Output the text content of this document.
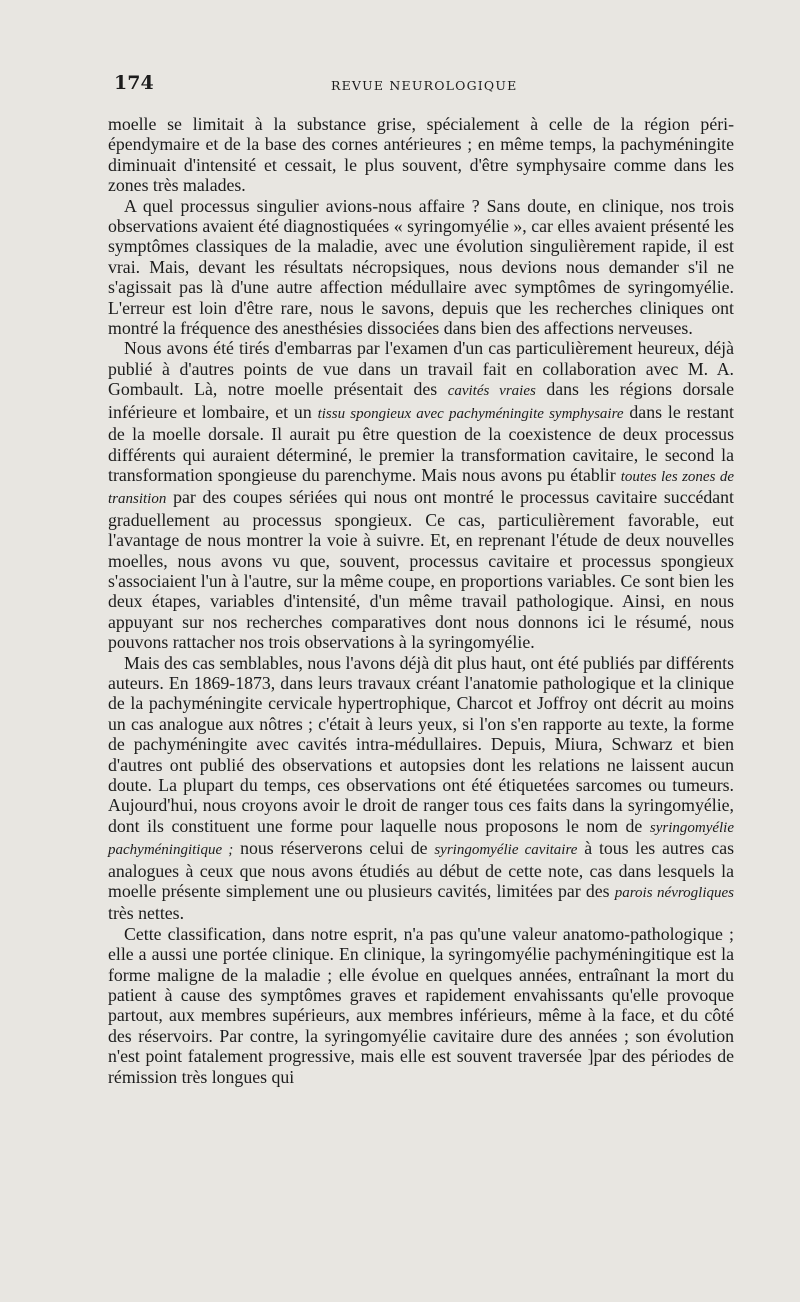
174	REVUE NEUROLOGIQUE

moelle se limitait à la substance grise, spécialement à celle de la région péri-épendymaire et de la base des cornes antérieures ; en même temps, la pachyméningite diminuait d'intensité et cessait, le plus souvent, d'être symphysaire comme dans les zones très malades.

A quel processus singulier avions-nous affaire ? Sans doute, en clinique, nos trois observations avaient été diagnostiquées « syringomyélie », car elles avaient présenté les symptômes classiques de la maladie, avec une évolution singulièrement rapide, il est vrai. Mais, devant les résultats nécropsiques, nous devions nous demander s'il ne s'agissait pas là d'une autre affection médullaire avec symptômes de syringomyélie. L'erreur est loin d'être rare, nous le savons, depuis que les recherches cliniques ont montré la fréquence des anesthésies dissociées dans bien des affections nerveuses.

Nous avons été tirés d'embarras par l'examen d'un cas particulièrement heureux, déjà publié à d'autres points de vue dans un travail fait en collaboration avec M. A. Gombault. Là, notre moelle présentait des cavités vraies dans les régions dorsale inférieure et lombaire, et un tissu spongieux avec pachyméningite symphysaire dans le restant de la moelle dorsale. Il aurait pu être question de la coexistence de deux processus différents qui auraient déterminé, le premier la transformation cavitaire, le second la transformation spongieuse du parenchyme. Mais nous avons pu établir toutes les zones de transition par des coupes sériées qui nous ont montré le processus cavitaire succédant graduellement au processus spongieux. Ce cas, particulièrement favorable, eut l'avantage de nous montrer la voie à suivre. Et, en reprenant l'étude de deux nouvelles moelles, nous avons vu que, souvent, processus cavitaire et processus spongieux s'associaient l'un à l'autre, sur la même coupe, en proportions variables. Ce sont bien les deux étapes, variables d'intensité, d'un même travail pathologique. Ainsi, en nous appuyant sur nos recherches comparatives dont nous donnons ici le résumé, nous pouvons rattacher nos trois observations à la syringomyélie.

Mais des cas semblables, nous l'avons déjà dit plus haut, ont été publiés par différents auteurs. En 1869-1873, dans leurs travaux créant l'anatomie pathologique et la clinique de la pachyméningite cervicale hypertrophique, Charcot et Joffroy ont décrit au moins un cas analogue aux nôtres ; c'était à leurs yeux, si l'on s'en rapporte au texte, la forme de pachyméningite avec cavités intra-médullaires. Depuis, Miura, Schwarz et bien d'autres ont publié des observations et autopsies dont les relations ne laissent aucun doute. La plupart du temps, ces observations ont été étiquetées sarcomes ou tumeurs. Aujourd'hui, nous croyons avoir le droit de ranger tous ces faits dans la syringomyélie, dont ils constituent une forme pour laquelle nous proposons le nom de syringomyélie pachyméningitique ; nous réserverons celui de syringomyélie cavitaire à tous les autres cas analogues à ceux que nous avons étudiés au début de cette note, cas dans lesquels la moelle présente simplement une ou plusieurs cavités, limitées par des parois névrogliques très nettes.

Cette classification, dans notre esprit, n'a pas qu'une valeur anatomo-pathologique ; elle a aussi une portée clinique. En clinique, la syringomyélie pachyméningitique est la forme maligne de la maladie ; elle évolue en quelques années, entraînant la mort du patient à cause des symptômes graves et rapidement envahissants qu'elle provoque partout, aux membres supérieurs, aux membres inférieurs, même à la face, et du côté des réservoirs. Par contre, la syringomyélie cavitaire dure des années ; son évolution n'est point fatalement progressive, mais elle est souvent traversée ]par des périodes de rémission très longues qui
